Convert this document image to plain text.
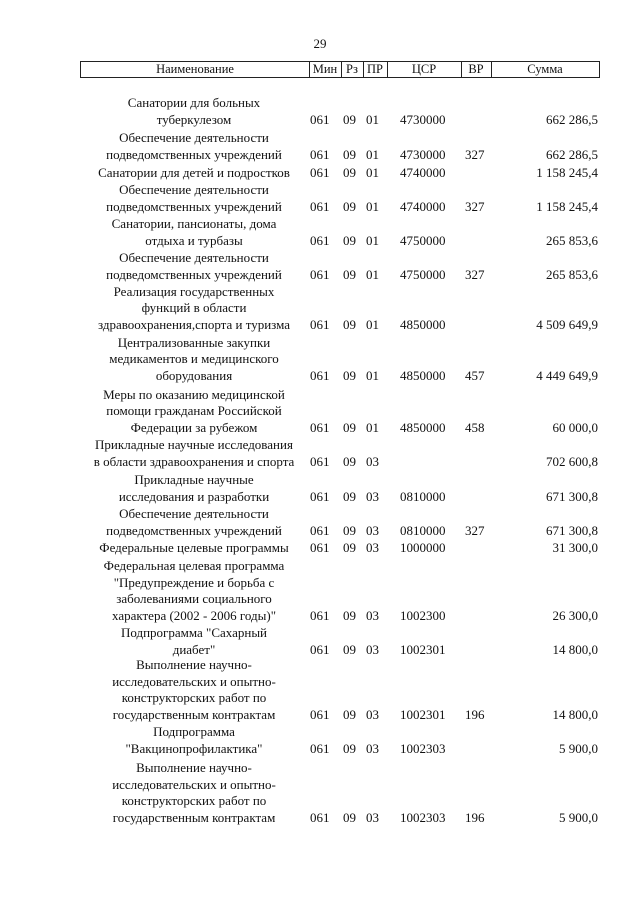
29
Наименование	Мин Рз ПР	ЦСР	ВР	Сумма
Санатории для больных
туберкулезом	061 09 01 4730000	662 286,5
Обеспечение деятельности
подведомственных учреждений	061 09 01 4730000 327	662 286,5
Санатории для детей и подростков	061 09 01 4740000	1 158 245,4
Обеспечение деятельности
подведомственных учреждений	061 09 01 4740000 327	1 158 245,4
Санатории, пансионаты, дома
отдыха и турбазы	061 09 01 4750000	265 853,6
Обеспечение деятельности
подведомственных учреждений	061 09 01 4750000 327	265 853,6
Реализация государственных
функций в области
здравоохранения,спорта и туризма	061 09 01 4850000	4 509 649,9
Централизованные закупки
медикаментов и медицинского
оборудования	061 09 01 4850000 457	4 449 649,9
Меры по оказанию медицинской
помощи гражданам Российской
Федерации за рубежом	061 09 01 4850000 458	60 000,0
Прикладные научные исследования
в области здравоохранения и спорта	061 09 03	702 600,8
Прикладные научные
исследования и разработки	061 09 03 0810000	671 300,8
Обеспечение деятельности
подведомственных учреждений	061 09 03 0810000 327	671 300,8
Федеральные целевые программы	061 09 03 1000000	31 300,0
Федеральная целевая программа
"Предупреждение и борьба с
заболеваниями социального
характера (2002 - 2006 годы)"	061 09 03 1002300	26 300,0
Подпрограмма "Сахарный
диабет"	061 09 03 1002301	14 800,0
Выполнение научно-
исследовательских и опытно-
конструкторских работ по
государственным контрактам	061 09 03 1002301 196	14 800,0
Подпрограмма
"Вакцинопрофилактика"	061 09 03 1002303	5 900,0
Выполнение научно-
исследовательских и опытно-
конструкторских работ по
государственным контрактам	061 09 03 1002303 196	5 900,0
